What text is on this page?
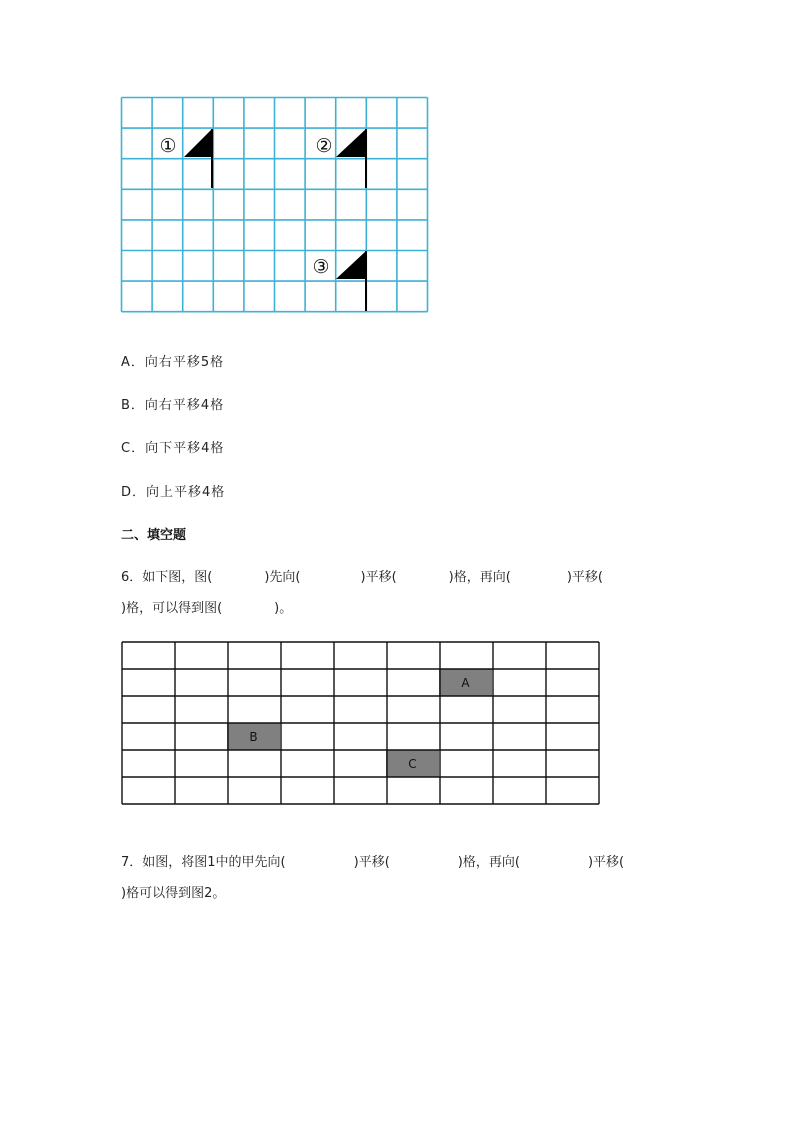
①	②
③
A．向右平移5格
B．向右平移4格
C．向下平移4格
D．向上平移4格
二、填空题
6．如下图，图(	)先向(	)平移(	)格，再向(	)平移(
)格，可以得到图(	)。
A
B
C
7．如图，将图1中的甲先向(	)平移(	)格，再向(	)平移(
)格可以得到图2。
